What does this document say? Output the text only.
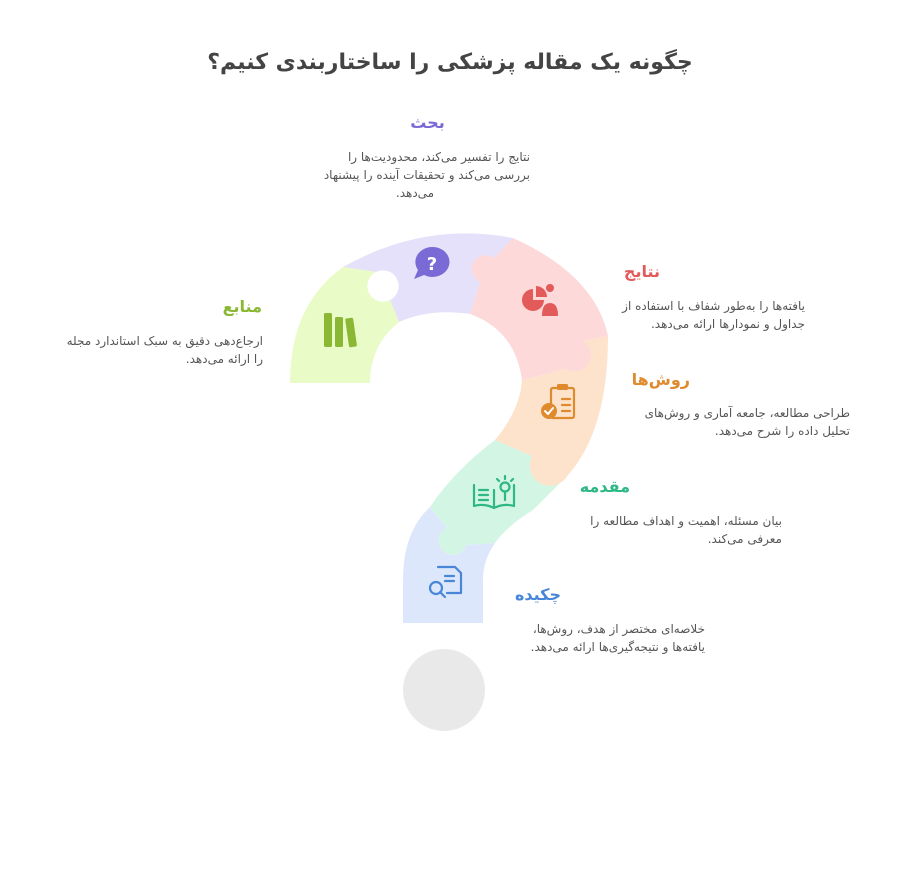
چگونه یک مقاله پزشکی را ساختاربندی کنیم؟
?
بحث
نتایج را تفسیر می‌کند، محدودیت‌ها را
بررسی می‌کند و تحقیقات آینده را پیشنهاد
می‌دهد.
نتایج
یافته‌ها را به‌طور شفاف با استفاده از
جداول و نمودارها ارائه می‌دهد.
منابع
ارجاع‌دهی دقیق به سبک استاندارد مجله
را ارائه می‌دهد.
روش‌ها
طراحی مطالعه، جامعه آماری و روش‌های
تحلیل داده را شرح می‌دهد.
مقدمه
بیان مسئله، اهمیت و اهداف مطالعه را
معرفی می‌کند.
چکیده
خلاصه‌ای مختصر از هدف، روش‌ها،
یافته‌ها و نتیجه‌گیری‌ها ارائه می‌دهد.
